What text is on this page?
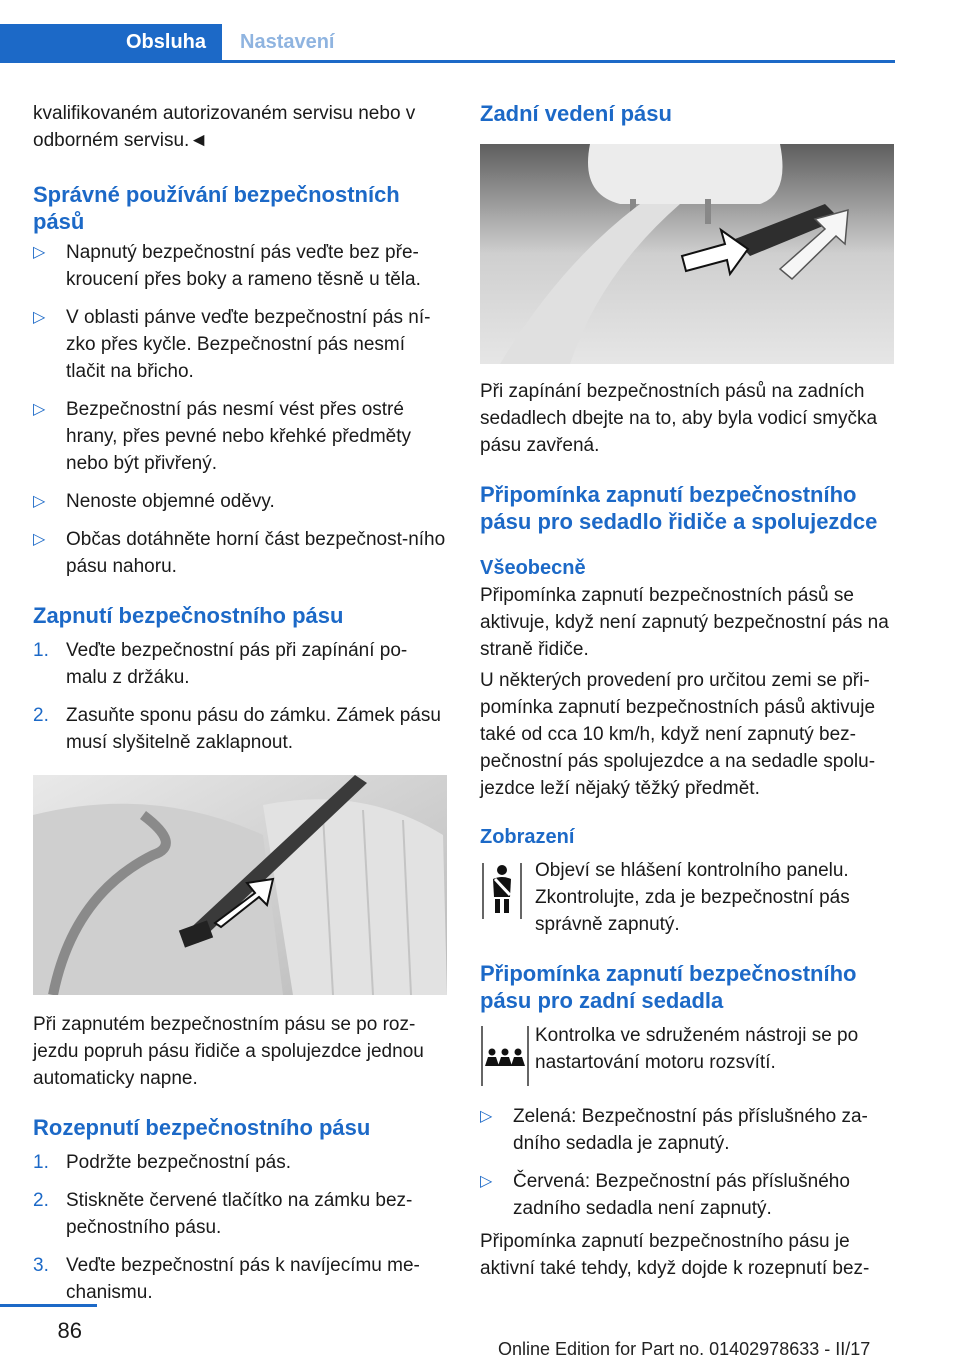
Obsluha	Nastavení

kvalifikovaném autorizovaném servisu nebo v odborném servisu.◄

Správné používání bezpečnostních pásů
▷ Napnutý bezpečnostní pás veďte bez pře-kroucení přes boky a rameno těsně u těla.
▷ V oblasti pánve veďte bezpečnostní pás ní-zko přes kyčle. Bezpečnostní pás nesmí tlačit na břicho.
▷ Bezpečnostní pás nesmí vést přes ostré hrany, přes pevné nebo křehké předměty nebo být přivřený.
▷ Nenoste objemné oděvy.
▷ Občas dotáhněte horní část bezpečnost-ního pásu nahoru.
Zapnutí bezpečnostního pásu
1. Veďte bezpečnostní pás při zapínání po-malu z držáku.
2. Zasuňte sponu pásu do zámku. Zámek pásu musí slyšitelně zaklapnout.

Při zapnutém bezpečnostním pásu se po roz-jezdu popruh pásu řidiče a spolujezdce jednou automaticky napne.

Rozepnutí bezpečnostního pásu
1. Podržte bezpečnostní pás.
2. Stiskněte červené tlačítko na zámku bez-pečnostního pásu.
3. Veďte bezpečnostní pás k navíjecímu me-chanismu.
Zadní vedení pásu

Při zapínání bezpečnostních pásů na zadních sedadlech dbejte na to, aby byla vodicí smyčka pásu zavřená.

Připomínka zapnutí bezpečnostního pásu pro sedadlo řidiče a spolujezdce
Všeobecně

Připomínka zapnutí bezpečnostních pásů se aktivuje, když není zapnutý bezpečnostní pás na straně řidiče.

U některých provedení pro určitou zemi se při-pomínka zapnutí bezpečnostních pásů aktivuje také od cca 10 km/h, když není zapnutý bez-pečnostní pás spolujezdce a na sedadle spolu-jezdce leží nějaký těžký předmět.

Zobrazení

Objeví se hlášení kontrolního panelu. Zkontrolujte, zda je bezpečnostní pás správně zapnutý.

Připomínka zapnutí bezpečnostního pásu pro zadní sedadla

Kontrolka ve sdruženém nástroji se po nastartování motoru rozsvítí.

▷ Zelená: Bezpečnostní pás příslušného za-dního sedadla je zapnutý.
▷ Červená: Bezpečnostní pás příslušného zadního sedadla není zapnutý.

Připomínka zapnutí bezpečnostního pásu je aktivní také tehdy, když dojde k rozepnutí bez-

86
Online Edition for Part no. 01402978633 - II/17
